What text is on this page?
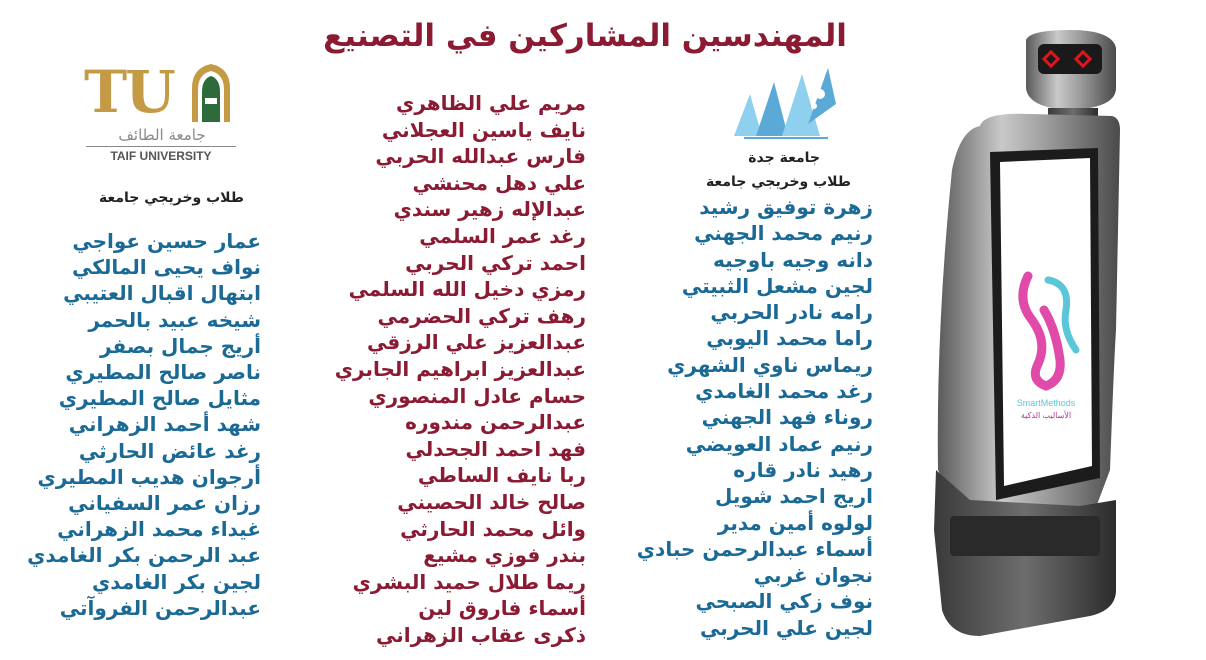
المهندسين المشاركين في التصنيع
TU
جامعة الطائف
TAIF UNIVERSITY
طلاب وخريجي جامعة
عمار حسين عواجي
نواف يحيى المالكي
ابتهال اقبال العتيبي
شيخه عبيد بالحمر
أريج جمال بصفر
ناصر صالح المطيري
مثايل صالح المطيري
شهد أحمد الزهراني
رغد عائض الحارثي
أرجوان هديب المطيري
رزان عمر السفياني
غيداء محمد الزهراني
عبد الرحمن بكر الغامدي
لجين بكر الغامدي
عبدالرحمن الفروآتي
مريم علي الظاهري
نايف ياسين العجلاني
فارس عبدالله الحربي
علي دهل محنشي
عبدالإله زهير سندي
رغد عمر السلمي
احمد تركي الحربي
رمزي دخيل الله السلمي
رهف تركي الحضرمي
عبدالعزيز علي الرزقي
عبدالعزيز ابراهيم الجابري
حسام عادل المنصوري
عبدالرحمن مندوره
فهد احمد الجحدلي
ربا نايف الساطي
صالح خالد الحصيني
وائل محمد الحارثي
بندر فوزي مشيع
ريما طلال حميد البشري
أسماء فاروق لين
ذكرى عقاب الزهراني
جامعة جدة
طلاب وخريجي جامعة
زهرة توفيق رشيد
رنيم محمد الجهني
دانه وجيه باوجيه
لجين مشعل الثبيتي
رامه نادر الحربي
راما محمد اليوبي
ريماس ناوي الشهري
رغد محمد الغامدي
روناء فهد الجهني
رنيم عماد العويضي
رهيد نادر قاره
اريج احمد شويل
لولوه أمين مدير
أسماء عبدالرحمن حبادي
نجوان غربي
نوف زكي الصبحي
لجين علي الحربي
SmartMethods
الأساليب الذكية
